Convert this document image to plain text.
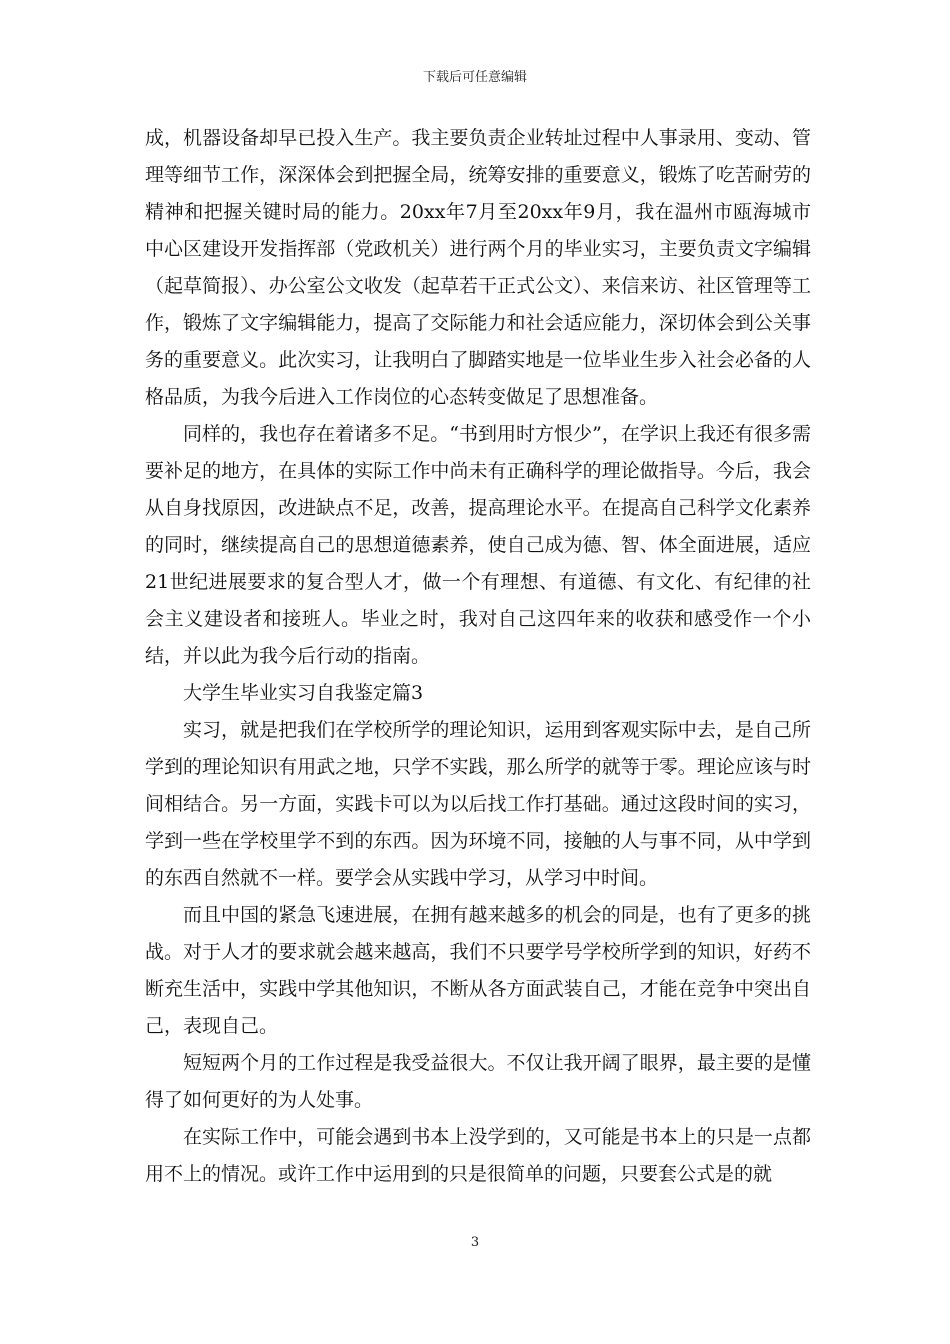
下载后可任意编辑

成，机器设备却早已投入生产。我主要负责企业转址过程中人事录用、变动、管理等细节工作，深深体会到把握全局，统筹安排的重要意义，锻炼了吃苦耐劳的精神和把握关键时局的能力。20xx年7月至20xx年9月，我在温州市瓯海城市中心区建设开发指挥部（党政机关）进行两个月的毕业实习，主要负责文字编辑（起草简报）、办公室公文收发（起草若干正式公文）、来信来访、社区管理等工作，锻炼了文字编辑能力，提高了交际能力和社会适应能力，深切体会到公关事务的重要意义。此次实习，让我明白了脚踏实地是一位毕业生步入社会必备的人格品质，为我今后进入工作岗位的心态转变做足了思想准备。

同样的，我也存在着诸多不足。“书到用时方恨少”，在学识上我还有很多需要补足的地方，在具体的实际工作中尚未有正确科学的理论做指导。今后，我会从自身找原因，改进缺点不足，改善，提高理论水平。在提高自己科学文化素养的同时，继续提高自己的思想道德素养，使自己成为德、智、体全面进展，适应21世纪进展要求的复合型人才，做一个有理想、有道德、有文化、有纪律的社会主义建设者和接班人。毕业之时，我对自己这四年来的收获和感受作一个小结，并以此为我今后行动的指南。

大学生毕业实习自我鉴定篇3

实习，就是把我们在学校所学的理论知识，运用到客观实际中去，是自己所学到的理论知识有用武之地，只学不实践，那么所学的就等于零。理论应该与时间相结合。另一方面，实践卡可以为以后找工作打基础。通过这段时间的实习，学到一些在学校里学不到的东西。因为环境不同，接触的人与事不同，从中学到的东西自然就不一样。要学会从实践中学习，从学习中时间。

而且中国的紧急飞速进展，在拥有越来越多的机会的同是，也有了更多的挑战。对于人才的要求就会越来越高，我们不只要学号学校所学到的知识，好药不断充生活中，实践中学其他知识，不断从各方面武装自己，才能在竞争中突出自己，表现自己。

短短两个月的工作过程是我受益很大。不仅让我开阔了眼界，最主要的是懂得了如何更好的为人处事。

在实际工作中，可能会遇到书本上没学到的，又可能是书本上的只是一点都用不上的情况。或许工作中运用到的只是很简单的问题，只要套公式是的就

3
